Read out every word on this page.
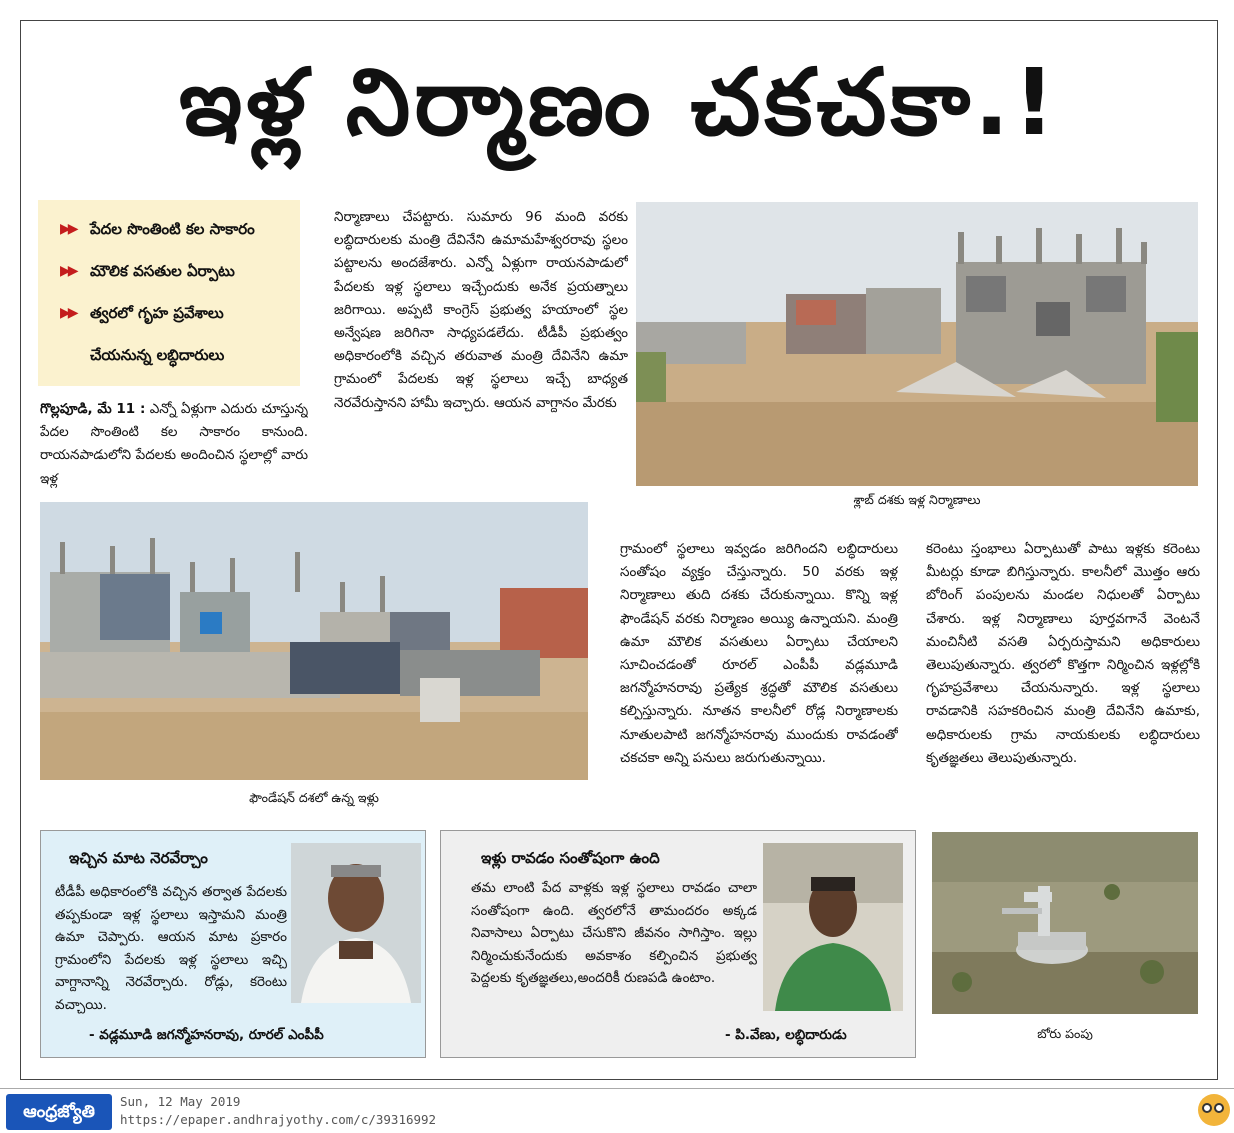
ఇళ్ల నిర్మాణం చకచకా.!
▶▶ పేదల సొంతింటి కల సాకారం
▶▶ మౌలిక వసతుల ఏర్పాటు
▶▶ త్వరలో గృహ ప్రవేశాలు
చేయనున్న లబ్ధిదారులు
గొల్లపూడి, మే 11 : ఎన్నో ఏళ్లుగా ఎదురు చూస్తున్న పేదల సొంతింటి కల సాకారం కానుంది. రాయనపాడులోని పేదలకు అందించిన స్థలాల్లో వారు ఇళ్ల
నిర్మాణాలు చేపట్టారు. సుమారు 96 మంది వరకు లబ్ధిదారులకు మంత్రి దేవినేని ఉమామహేశ్వరరావు స్థలం పట్టాలను అందజేశారు. ఎన్నో ఏళ్లుగా రాయనపాడులో పేదలకు ఇళ్ల స్థలాలు ఇచ్చేందుకు అనేక ప్రయత్నాలు జరిగాయి. అప్పటి కాంగ్రెస్ ప్రభుత్వ హయాంలో స్థల అన్వేషణ జరిగినా సాధ్యపడలేదు. టీడీపీ ప్రభుత్వం అధికారంలోకి వచ్చిన తరువాత మంత్రి దేవినేని ఉమా గ్రామంలో పేదలకు ఇళ్ల స్థలాలు ఇచ్చే బాధ్యత నెరవేరుస్తానని హామీ ఇచ్చారు. ఆయన వాగ్దానం మేరకు
గ్రామంలో స్థలాలు ఇవ్వడం జరిగిందని లబ్ధిదారులు సంతోషం వ్యక్తం చేస్తున్నారు. 50 వరకు ఇళ్ల నిర్మాణాలు తుది దశకు చేరుకున్నాయి. కొన్ని ఇళ్ల ఫౌండేషన్ వరకు నిర్మాణం అయ్యి ఉన్నాయని. మంత్రి ఉమా మౌలిక వసతులు ఏర్పాటు చేయాలని సూచించడంతో రూరల్ ఎంపీపీ వడ్లమూడి జగన్మోహనరావు ప్రత్యేక శ్రద్ధతో మౌలిక వసతులు కల్పిస్తున్నారు. నూతన కాలనీలో రోడ్ల నిర్మాణాలకు నూతులపాటి జగన్మోహనరావు ముందుకు రావడంతో చకచకా అన్ని పనులు జరుగుతున్నాయి.
కరెంటు స్తంభాలు ఏర్పాటుతో పాటు ఇళ్లకు కరెంటు మీటర్లు కూడా బిగిస్తున్నారు. కాలనీలో మొత్తం ఆరు బోరింగ్ పంపులను మండల నిధులతో ఏర్పాటు చేశారు. ఇళ్ల నిర్మాణాలు పూర్తవగానే వెంటనే మంచినీటి వసతి ఏర్పరుస్తామని అధికారులు తెలుపుతున్నారు. త్వరలో కొత్తగా నిర్మించిన ఇళ్లల్లోకి గృహప్రవేశాలు చేయనున్నారు. ఇళ్ల స్థలాలు రావడానికి సహకరించిన మంత్రి దేవినేని ఉమాకు, అధికారులకు గ్రామ నాయకులకు లబ్ధిదారులు కృతజ్ఞతలు తెలుపుతున్నారు.
శ్లాబ్ దశకు ఇళ్ల నిర్మాణాలు
ఫౌండేషన్ దశలో ఉన్న ఇళ్లు
ఇచ్చిన మాట నెరవేర్చాం
టీడీపీ అధికారంలోకి వచ్చిన తర్వాత పేదలకు తప్పకుండా ఇళ్ల స్థలాలు ఇస్తామని మంత్రి ఉమా చెప్పారు. ఆయన మాట ప్రకారం గ్రామంలోని పేదలకు ఇళ్ల స్థలాలు ఇచ్చి వాగ్దానాన్ని నెరవేర్చారు. రోడ్లు, కరెంటు వచ్చాయి.
- వడ్లమూడి జగన్మోహనరావు, రూరల్ ఎంపీపీ
ఇళ్లు రావడం సంతోషంగా ఉంది
తమ లాంటి పేద వాళ్లకు ఇళ్ల స్థలాలు రావడం చాలా సంతోషంగా ఉంది. త్వరలోనే తామందరం అక్కడ నివాసాలు ఏర్పాటు చేసుకొని జీవనం సాగిస్తాం. ఇల్లు నిర్మించుకునేందుకు అవకాశం కల్పించిన ప్రభుత్వ పెద్దలకు కృతజ్ఞతలు,అందరికీ రుణపడి ఉంటాం.
- పి.వేణు, లబ్ధిదారుడు	బోరు పంపు
ఆంధ్రజ్యోతి
Sun, 12 May 2019
https://epaper.andhrajyothy.com/c/39316992
